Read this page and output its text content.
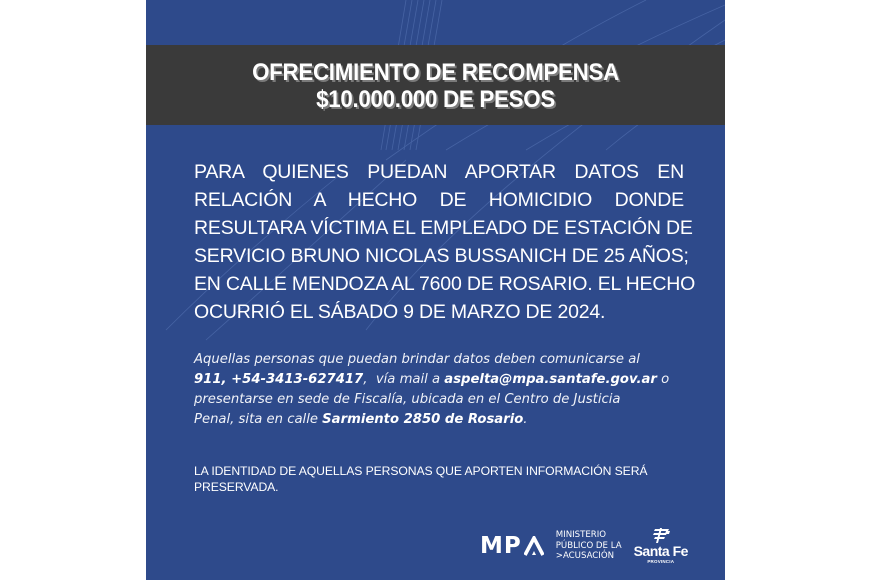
OFRECIMIENTO DE RECOMPENSA
$10.000.000 DE PESOS
PARA QUIENES PUEDAN APORTAR DATOS EN
RELACIÓN A HECHO DE HOMICIDIO DONDE
RESULTARA VÍCTIMA EL EMPLEADO DE ESTACIÓN DE
SERVICIO BRUNO NICOLAS BUSSANICH DE 25 AÑOS;
EN CALLE MENDOZA AL 7600 DE ROSARIO. EL HECHO
OCURRIÓ EL SÁBADO 9 DE MARZO DE 2024.
Aquellas personas que puedan brindar datos deben comunicarse al
911, +54-3413-627417,  vía mail a aspelta@mpa.santafe.gov.ar o
presentarse en sede de Fiscalía, ubicada en el Centro de Justicia
Penal, sita en calle Sarmiento 2850 de Rosario.
LA IDENTIDAD DE AQUELLAS PERSONAS QUE APORTEN INFORMACIÓN SERÁ
PRESERVADA.
MP	MINISTERIO
PÚBLICO DE LA
>ACUSACIÓN	Santa Fe
PROVINCIA
